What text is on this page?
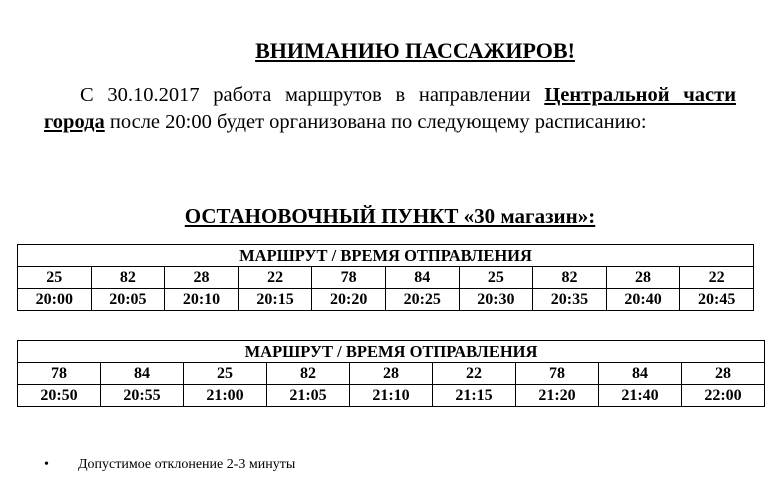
ВНИМАНИЮ ПАССАЖИРОВ!
С 30.10.2017 работа маршрутов в направлении Центральной части города после 20:00 будет организована по следующему расписанию:
ОСТАНОВОЧНЫЙ ПУНКТ «30 магазин»:
МАРШРУТ / ВРЕМЯ ОТПРАВЛЕНИЯ									
25	82	28	22	78	84	25	82	28	22
20:00	20:05	20:10	20:15	20:20	20:25	20:30	20:35	20:40	20:45
МАРШРУТ / ВРЕМЯ ОТПРАВЛЕНИЯ								
78	84	25	82	28	22	78	84	28
20:50	20:55	21:00	21:05	21:10	21:15	21:20	21:40	22:00
• Допустимое отклонение 2-3 минуты
